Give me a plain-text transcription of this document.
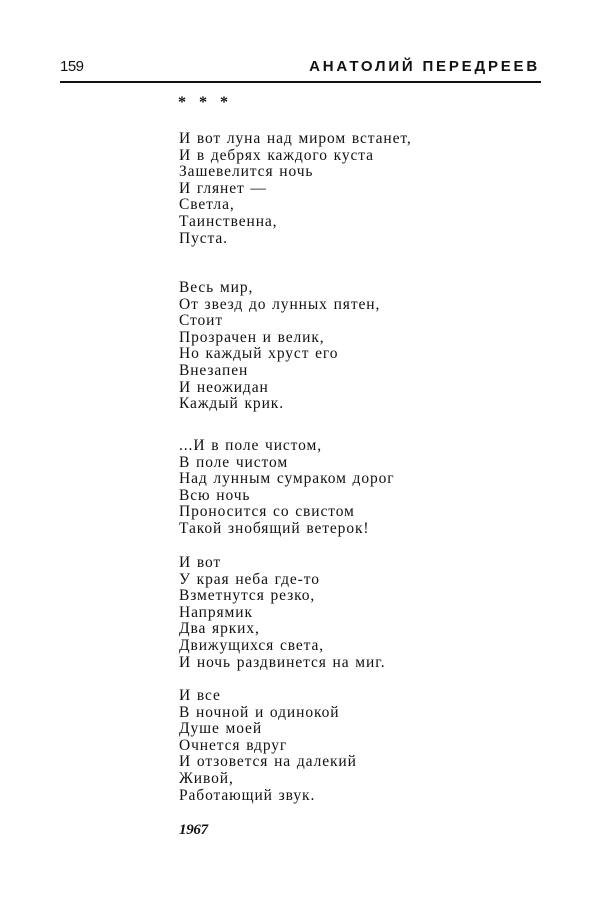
159	АНАТОЛИЙ ПЕРЕДРЕЕВ
* * *
И вот луна над миром встанет,
И в дебрях каждого куста
Зашевелится ночь
И глянет —
Светла,
Таинственна,
Пуста.
Весь мир,
От звезд до лунных пятен,
Стоит
Прозрачен и велик,
Но каждый хруст его
Внезапен
И неожидан
Каждый крик.
...И в поле чистом,
В поле чистом
Над лунным сумраком дорог
Всю ночь
Проносится со свистом
Такой знобящий ветерок!
И вот
У края неба где-то
Взметнутся резко,
Напрямик
Два ярких,
Движущихся света,
И ночь раздвинется на миг.
И все
В ночной и одинокой
Душе моей
Очнется вдруг
И отзовется на далекий
Живой,
Работающий звук.
1967
